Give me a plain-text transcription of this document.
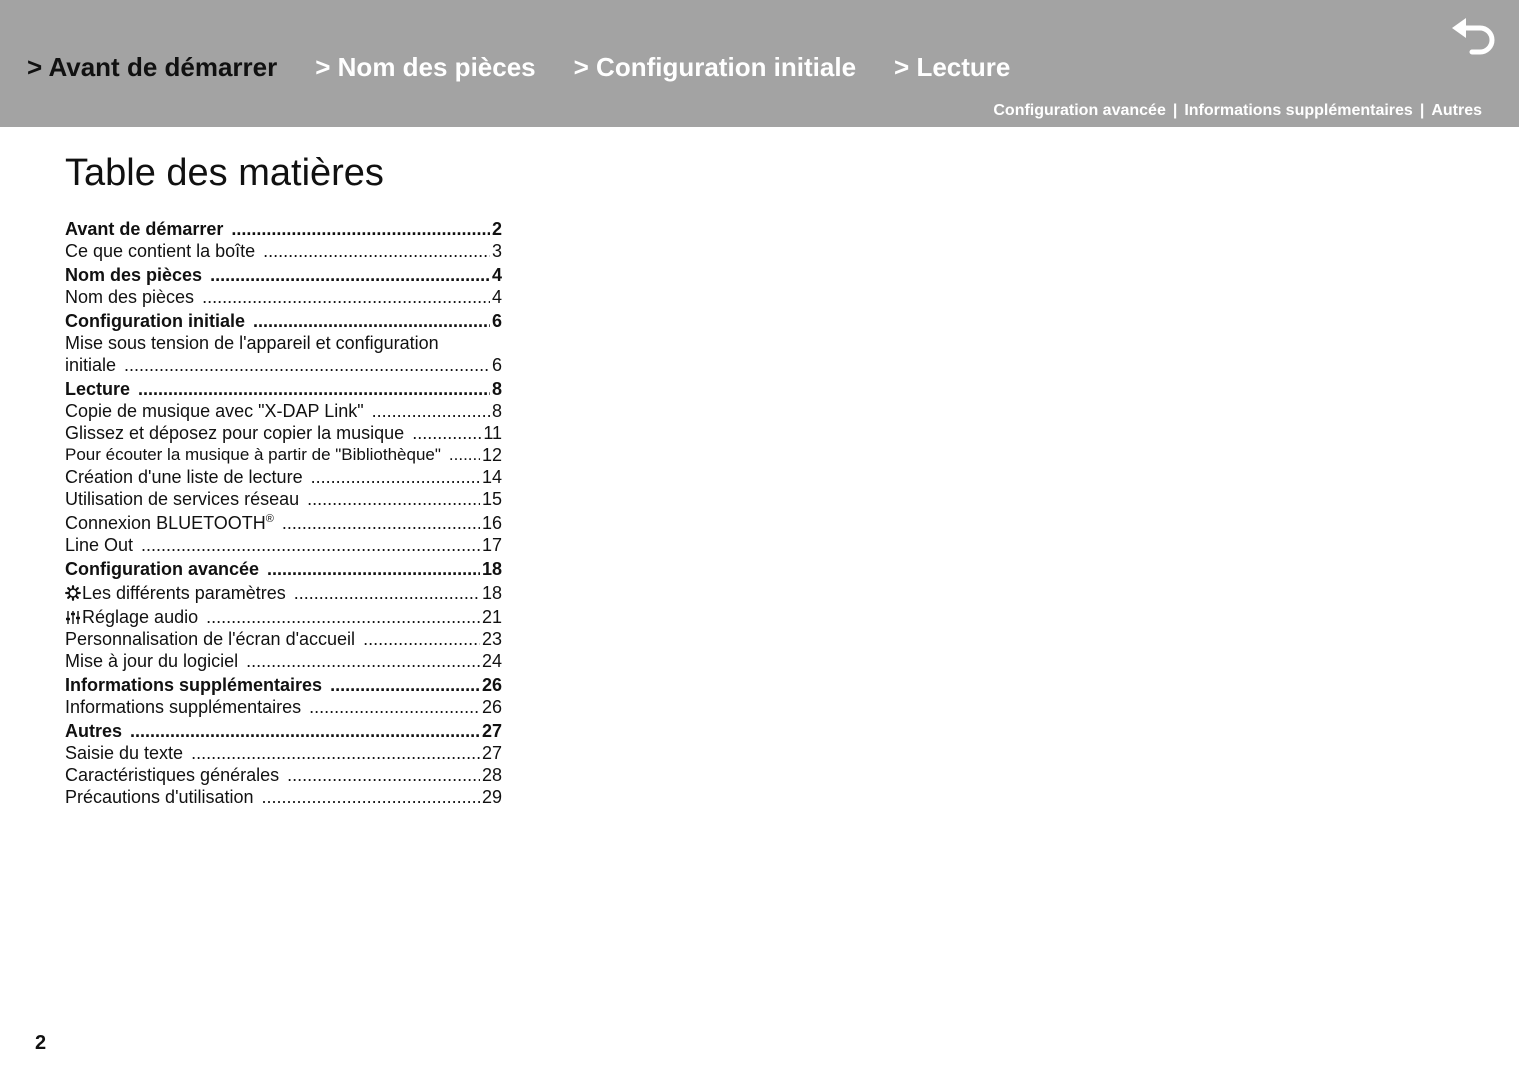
> Avant de démarrer > Nom des pièces > Configuration initiale > Lecture
Configuration avancée | Informations supplémentaires | Autres
Table des matières
Avant de démarrer .....	2
Ce que contient la boîte .....	3
Nom des pièces .....	4
Nom des pièces .....	4
Configuration initiale .....	6
Mise sous tension de l'appareil et configuration
initiale .....	6
Lecture .....	8
Copie de musique avec "X-DAP Link" .....	8
Glissez et déposez pour copier la musique .....	11
Pour écouter la musique à partir de "Bibliothèque" ..... 12
Création d'une liste de lecture .....	14
Utilisation de services réseau .....	15
Connexion BLUETOOTH® .....	16
Line Out .....	17
Configuration avancée .....	18
Les différents paramètres .....	18
Réglage audio .....	21
Personnalisation de l'écran d'accueil .....	23
Mise à jour du logiciel .....	24
Informations supplémentaires .....	26
Informations supplémentaires .....	26
Autres .....	27
Saisie du texte .....	27
Caractéristiques générales .....	28
Précautions d'utilisation .....	29
2
